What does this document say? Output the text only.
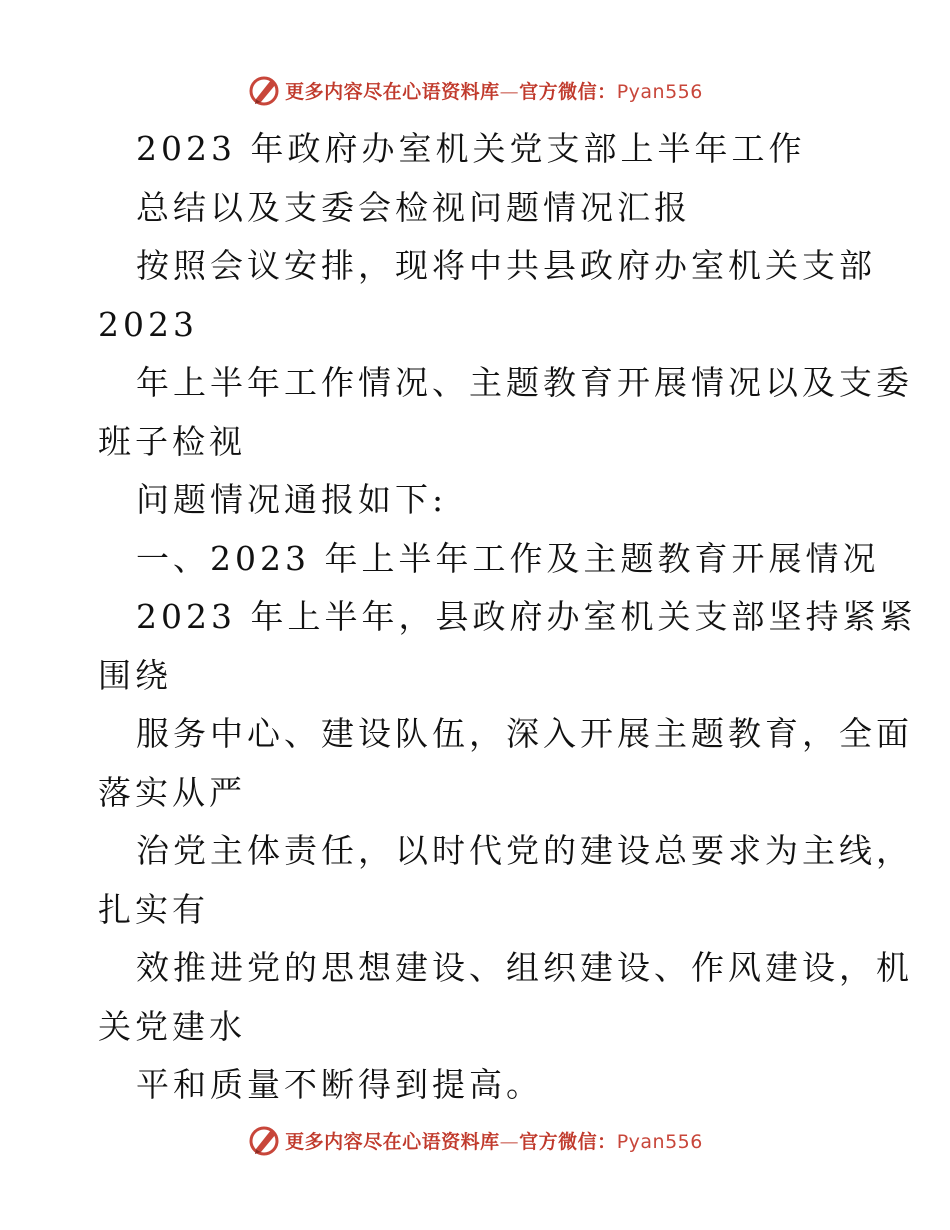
更多内容尽在心语资料库—官方微信：Pyan556
2023 年政府办室机关党支部上半年工作
总结以及支委会检视问题情况汇报
按照会议安排，现将中共县政府办室机关支部
2023
年上半年工作情况、主题教育开展情况以及支委
班子检视
问题情况通报如下:
一、2023 年上半年工作及主题教育开展情况
2023 年上半年，县政府办室机关支部坚持紧紧
围绕
服务中心、建设队伍，深入开展主题教育，全面
落实从严
治党主体责任，以时代党的建设总要求为主线，
扎实有
效推进党的思想建设、组织建设、作风建设，机
关党建水
平和质量不断得到提高。
更多内容尽在心语资料库—官方微信：Pyan556
